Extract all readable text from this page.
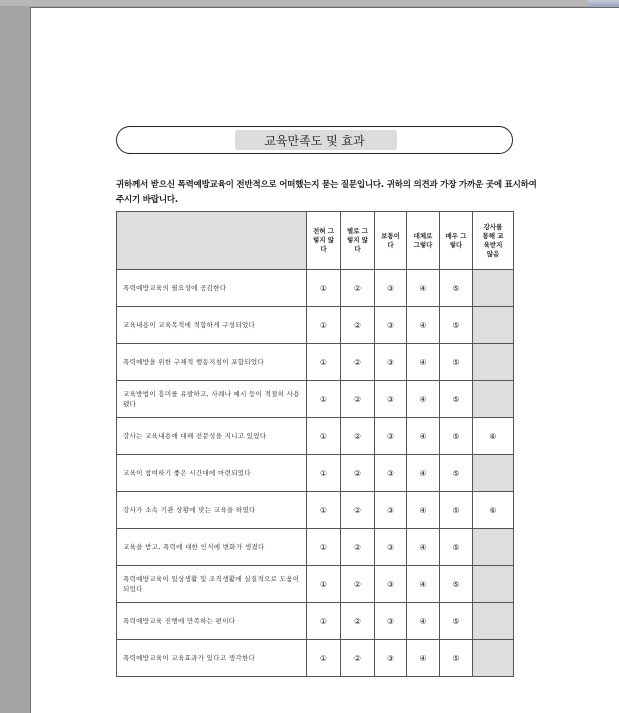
교육만족도 및 효과
귀하께서 받으신 폭력예방교육이 전반적으로 어떠했는지 묻는 질문입니다. 귀하의 의견과 가장 가까운 곳에 표시하여 주시기 바랍니다.
	전혀 그렇지 않다	별로 그렇지 않다	보통이다	대체로 그렇다	매우 그렇다	강사를 통해 교육받지 않음
폭력예방교육의 필요성에 공감한다	①	②	③	④	⑤	
교육내용이 교육목적에 적합하게 구성되었다	①	②	③	④	⑤	
폭력예방을 위한 구체적 행동지침이 포함되었다	①	②	③	④	⑤	
교육방법이 흥미를 유발하고, 사례나 예시 등이 적절히 사용됐다	①	②	③	④	⑤	
강사는 교육내용에 대해 전문성을 지니고 있었다	①	②	③	④	⑤	⑥
교육이 참여하기 좋은 시간대에 마련되었다	①	②	③	④	⑤	
강사가 소속 기관 상황에 맞는 교육을 하였다	①	②	③	④	⑤	⑥
교육을 받고, 폭력에 대한 인식에 변화가 생겼다	①	②	③	④	⑤	
폭력예방교육이 일상생활 및 조직생활에 실질적으로 도움이 되었다	①	②	③	④	⑤	
폭력예방교육 진행에 만족하는 편이다	①	②	③	④	⑤	
폭력예방교육이 교육효과가 있다고 생각한다	①	②	③	④	⑤	
